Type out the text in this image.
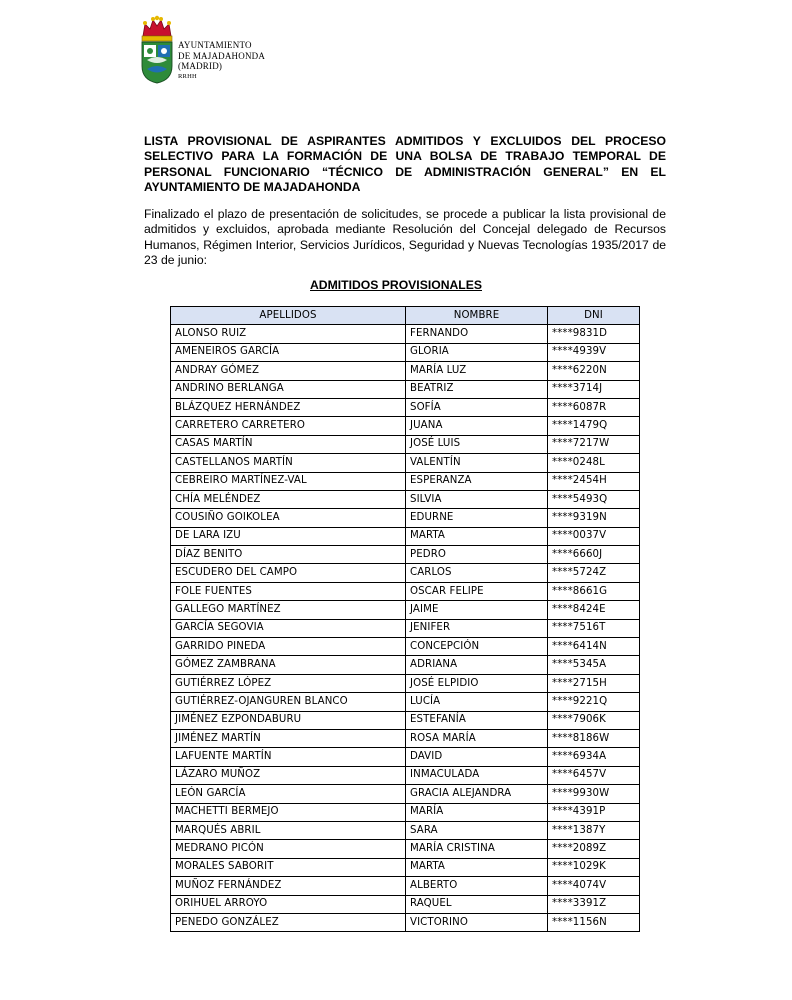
AYUNTAMIENTO
DE MAJADAHONDA
(MADRID)
RRHH
LISTA PROVISIONAL DE ASPIRANTES ADMITIDOS Y EXCLUIDOS DEL PROCESO SELECTIVO PARA LA FORMACIÓN DE UNA BOLSA DE TRABAJO TEMPORAL DE PERSONAL FUNCIONARIO “TÉCNICO DE ADMINISTRACIÓN GENERAL” EN EL AYUNTAMIENTO DE MAJADAHONDA
Finalizado el plazo de presentación de solicitudes, se procede a publicar la lista provisional de admitidos y excluidos, aprobada mediante Resolución del Concejal delegado de Recursos Humanos, Régimen Interior, Servicios Jurídicos, Seguridad y Nuevas Tecnologías 1935/2017 de 23 de junio:
ADMITIDOS PROVISIONALES
APELLIDOS	NOMBRE	DNI
ALONSO RUIZ	FERNANDO	****9831D
AMENEIROS GARCÍA	GLORIA	****4939V
ANDRAY GÓMEZ	MARÍA LUZ	****6220N
ANDRINO BERLANGA	BEATRIZ	****3714J
BLÁZQUEZ HERNÁNDEZ	SOFÍA	****6087R
CARRETERO CARRETERO	JUANA	****1479Q
CASAS MARTÍN	JOSÉ LUIS	****7217W
CASTELLANOS MARTÍN	VALENTÍN	****0248L
CEBREIRO MARTÍNEZ-VAL	ESPERANZA	****2454H
CHÍA MELÉNDEZ	SILVIA	****5493Q
COUSIÑO GOIKOLEA	EDURNE	****9319N
DE LARA IZU	MARTA	****0037V
DÍAZ BENITO	PEDRO	****6660J
ESCUDERO DEL CAMPO	CARLOS	****5724Z
FOLE FUENTES	OSCAR FELIPE	****8661G
GALLEGO MARTÍNEZ	JAIME	****8424E
GARCÍA SEGOVIA	JENIFER	****7516T
GARRIDO PINEDA	CONCEPCIÓN	****6414N
GÓMEZ ZAMBRANA	ADRIANA	****5345A
GUTIÉRREZ LÓPEZ	JOSÉ ELPIDIO	****2715H
GUTIÉRREZ-OJANGUREN BLANCO	LUCÍA	****9221Q
JIMÉNEZ EZPONDABURU	ESTEFANÍA	****7906K
JIMÉNEZ MARTÍN	ROSA MARÍA	****8186W
LAFUENTE MARTÍN	DAVID	****6934A
LÁZARO MUÑOZ	INMACULADA	****6457V
LEÓN GARCÍA	GRACIA ALEJANDRA	****9930W
MACHETTI BERMEJO	MARÍA	****4391P
MARQUÉS ABRIL	SARA	****1387Y
MEDRANO PICÓN	MARÍA CRISTINA	****2089Z
MORALES SABORIT	MARTA	****1029K
MUÑOZ FERNÁNDEZ	ALBERTO	****4074V
ORIHUEL ARROYO	RAQUEL	****3391Z
PENEDO GONZÁLEZ	VICTORINO	****1156N
